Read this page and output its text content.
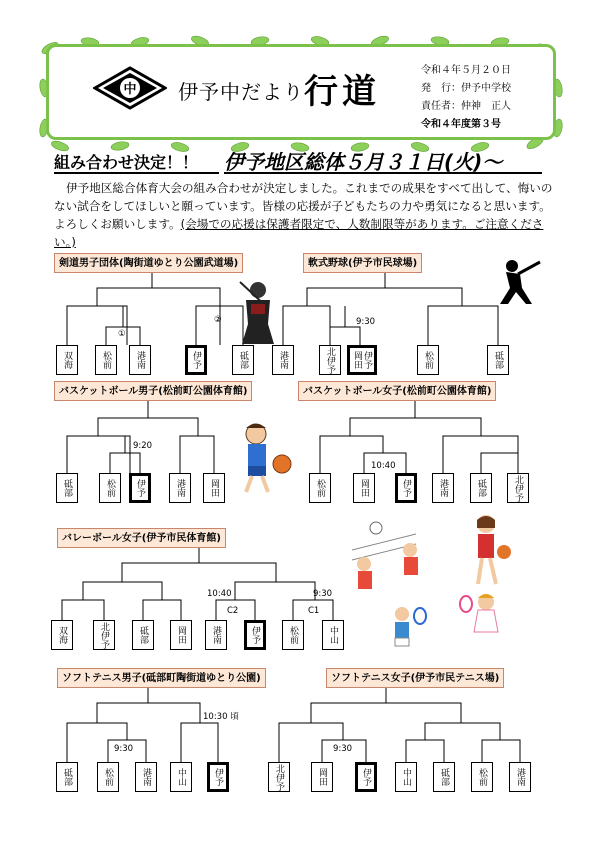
中 伊予中だより 行道
令和４年５月２０日
発　行：伊予中学校
責任者：仲神　正人
令和４年度第３号
組み合わせ決定！！ 伊予地区総体５月３１日(火)～
伊予地区総合体育大会の組み合わせが決定しました。これまでの成果をすべて出して、悔いのない試合をしてほしいと願っています。皆様の応援が子どもたちの力や勇気になると思います。よろしくお願いします。(会場での応援は保護者限定で、人数制限等があります。ご注意ください。)
剣道男子団体(陶街道ゆとり公園武道場)	軟式野球(伊予市民球場)
バスケットボール男子(松前町公園体育館)	バスケットボール女子(松前町公園体育館)
バレーボール女子(伊予市民体育館)
ソフトテニス男子(砥部町陶街道ゆとり公園)	ソフトテニス女子(伊予市民テニス場)
双海	松前	港南	伊予	砥部
①
②
港南	北伊予	伊予岡田	松前	砥部
9:30
砥部	松前	伊予	港南	岡田
9:20
松前	岡田	伊予	港南	砥部	北伊予
10:40
双海	北伊予	砥部	岡田	港南	伊予	松前	中山
10:40	9:30
C2	C1
砥部	松前	港南	中山	伊予
9:30
10:30 頃
北伊予	岡田	伊予	中山	砥部	松前	港南
9:30
